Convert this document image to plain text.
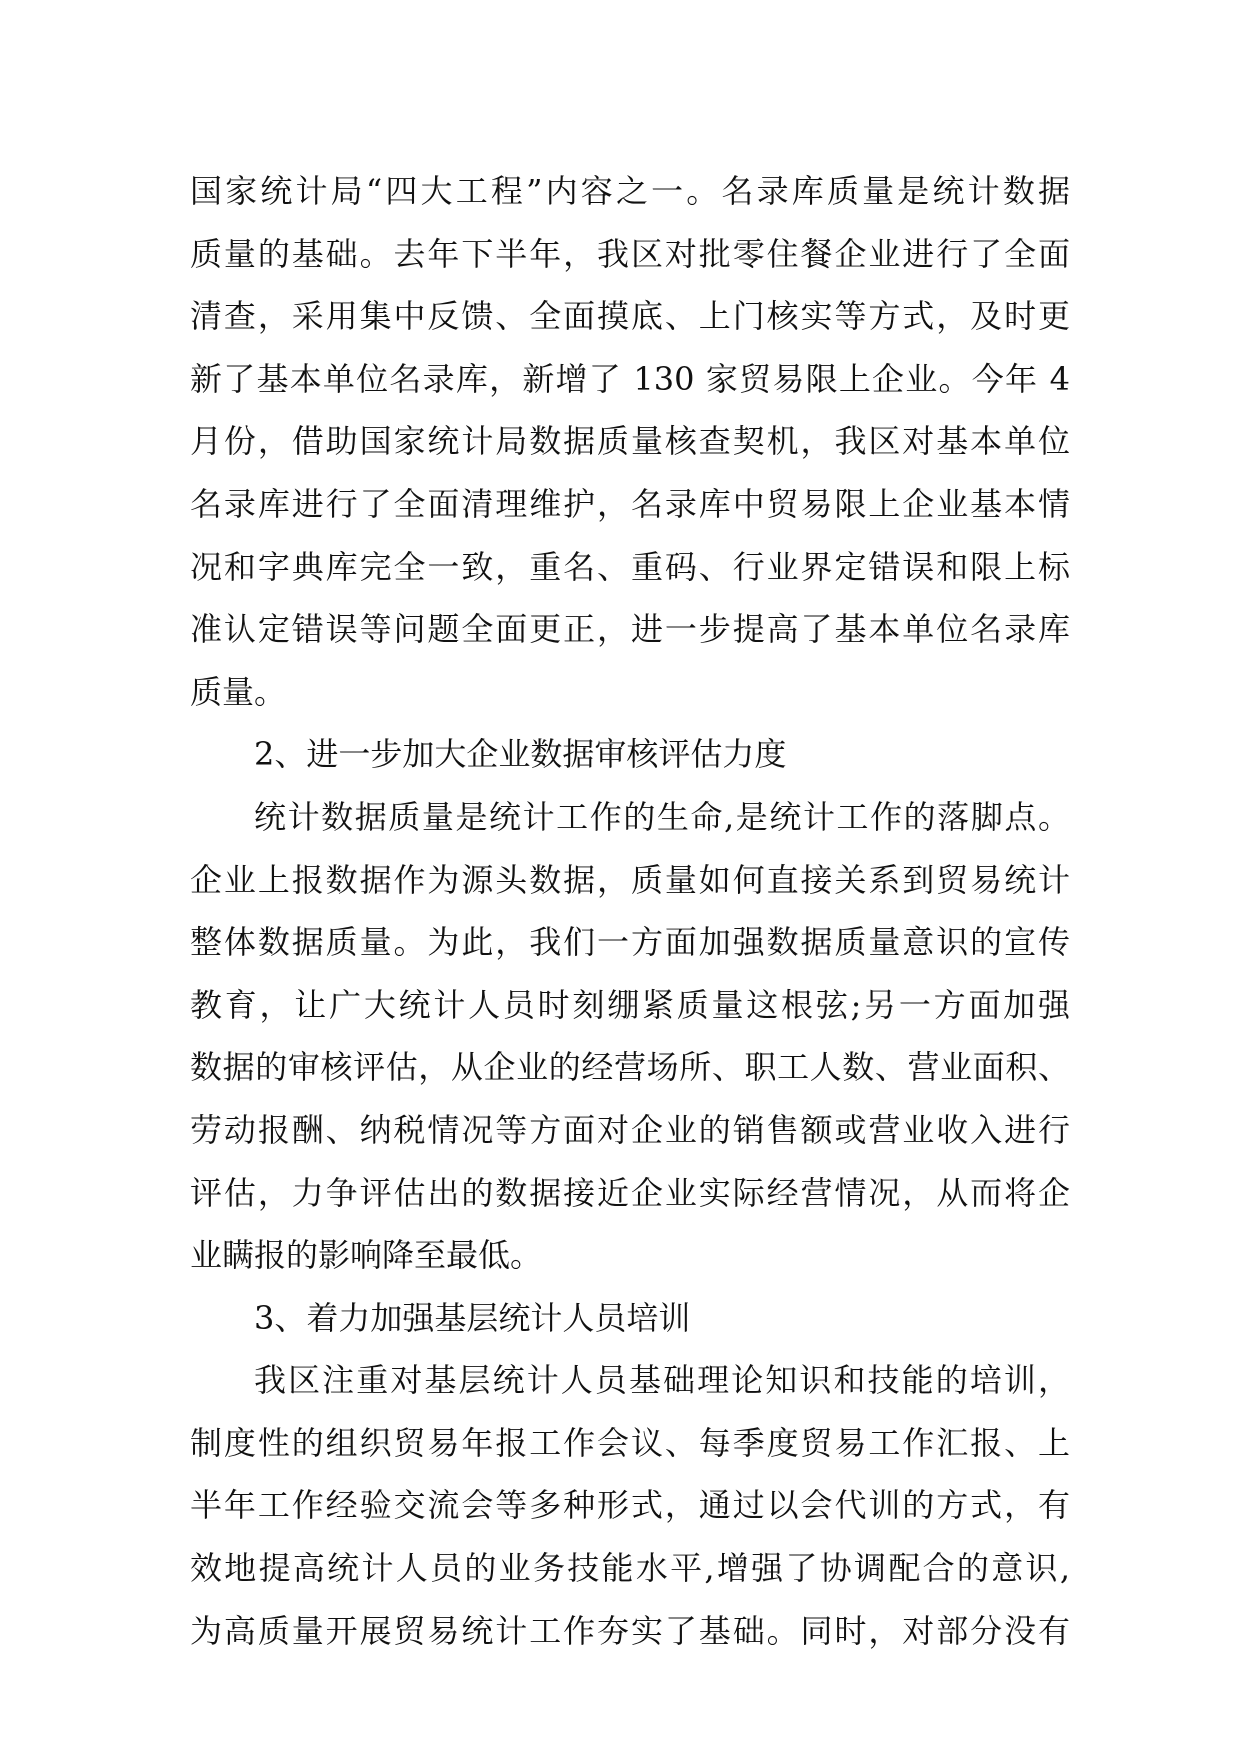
国家统计局“四大工程”内容之一。名录库质量是统计数据
质量的基础。去年下半年，我区对批零住餐企业进行了全面
清查，采用集中反馈、全面摸底、上门核实等方式，及时更
新了基本单位名录库，新增了 130 家贸易限上企业。今年 4
月份，借助国家统计局数据质量核查契机，我区对基本单位
名录库进行了全面清理维护，名录库中贸易限上企业基本情
况和字典库完全一致，重名、重码、行业界定错误和限上标
准认定错误等问题全面更正，进一步提高了基本单位名录库
质量。
2、进一步加大企业数据审核评估力度
统计数据质量是统计工作的生命,是统计工作的落脚点。
企业上报数据作为源头数据，质量如何直接关系到贸易统计
整体数据质量。为此，我们一方面加强数据质量意识的宣传
教育，让广大统计人员时刻绷紧质量这根弦;另一方面加强
数据的审核评估，从企业的经营场所、职工人数、营业面积、
劳动报酬、纳税情况等方面对企业的销售额或营业收入进行
评估，力争评估出的数据接近企业实际经营情况，从而将企
业瞒报的影响降至最低。
3、着力加强基层统计人员培训
我区注重对基层统计人员基础理论知识和技能的培训，
制度性的组织贸易年报工作会议、每季度贸易工作汇报、上
半年工作经验交流会等多种形式，通过以会代训的方式，有
效地提高统计人员的业务技能水平,增强了协调配合的意识,
为高质量开展贸易统计工作夯实了基础。同时，对部分没有
